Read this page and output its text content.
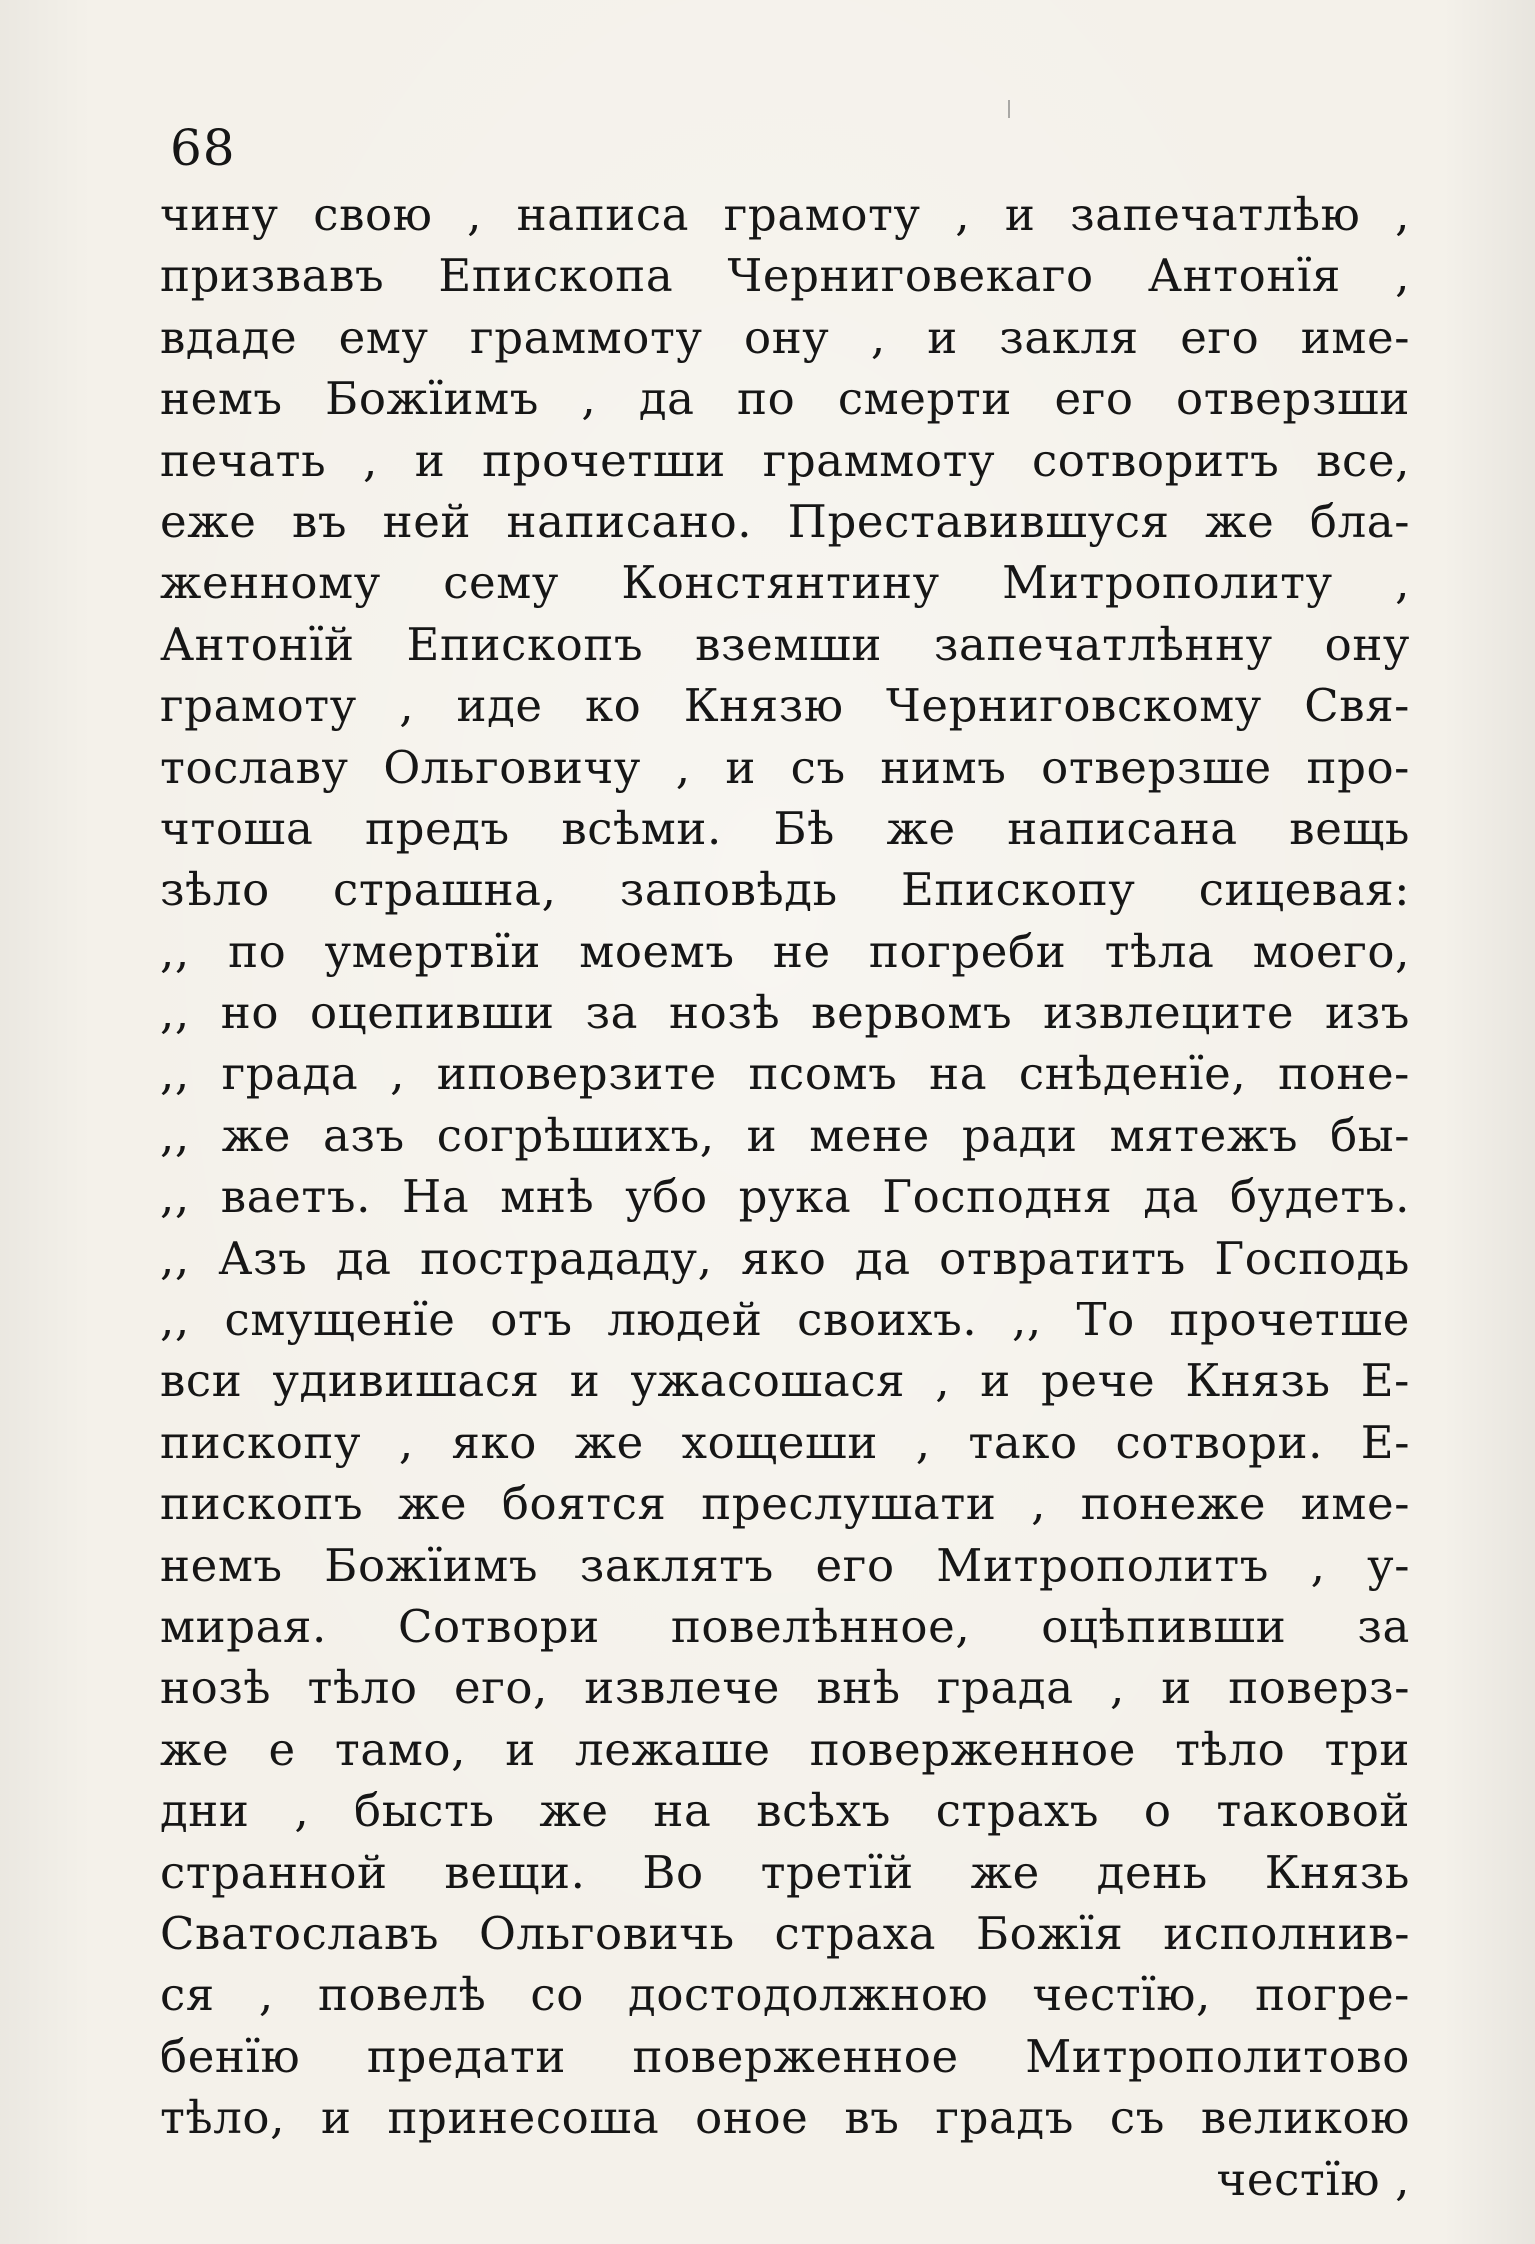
68
чину свою , написа грамоту , и запечатлѣю ,
призвавъ Епископа Черниговекаго Антонїя ,
вдаде ему граммоту ону , и закля его име-
немъ Божїимъ , да по смерти его отверзши
печать , и прочетши граммоту сотворитъ все,
еже въ ней написано. Преставившуся же бла-
женному сему Констянтину Митрополиту ,
Антонїй Епископъ вземши запечатлѣнну ону
грамоту , иде ко Князю Черниговскому Свя-
тославу Ольговичу , и съ нимъ отверзше про-
чтоша предъ всѣми. Бѣ же написана вещь
зѣло страшна, заповѣдь Епископу сицевая:
,, по умертвїи моемъ не погреби тѣла моего,
,, но оцепивши за нозѣ вервомъ извлеците изъ
,, града , иповерзите псомъ на снѣденїе, поне-
,, же азъ согрѣшихъ, и мене ради мятежъ бы-
,, ваетъ. На мнѣ убо рука Господня да будетъ.
,, Азъ да пострададу, яко да отвратитъ Господь
,, смущенїе отъ людей своихъ. ,, То прочетше
вси удивишася и ужасошася , и рече Князь Е-
пископу , яко же хощеши , тако сотвори. Е-
пископъ же боятся преслушати , понеже име-
немъ Божїимъ заклятъ его Митрополитъ , у-
мирая. Сотвори повелѣнное, оцѣпивши за
нозѣ тѣло его, извлече внѣ града , и поверз-
же е тамо, и лежаше поверженное тѣло три
дни , бысть же на всѣхъ страхъ о таковой
странной вещи. Во третїй же день Князь
Сватославъ Ольговичь страха Божїя исполнив-
ся , повелѣ со достодолжною честїю, погре-
бенїю предати поверженное Митрополитово
тѣло, и принесоша оное въ градъ съ великою
честїю ,
